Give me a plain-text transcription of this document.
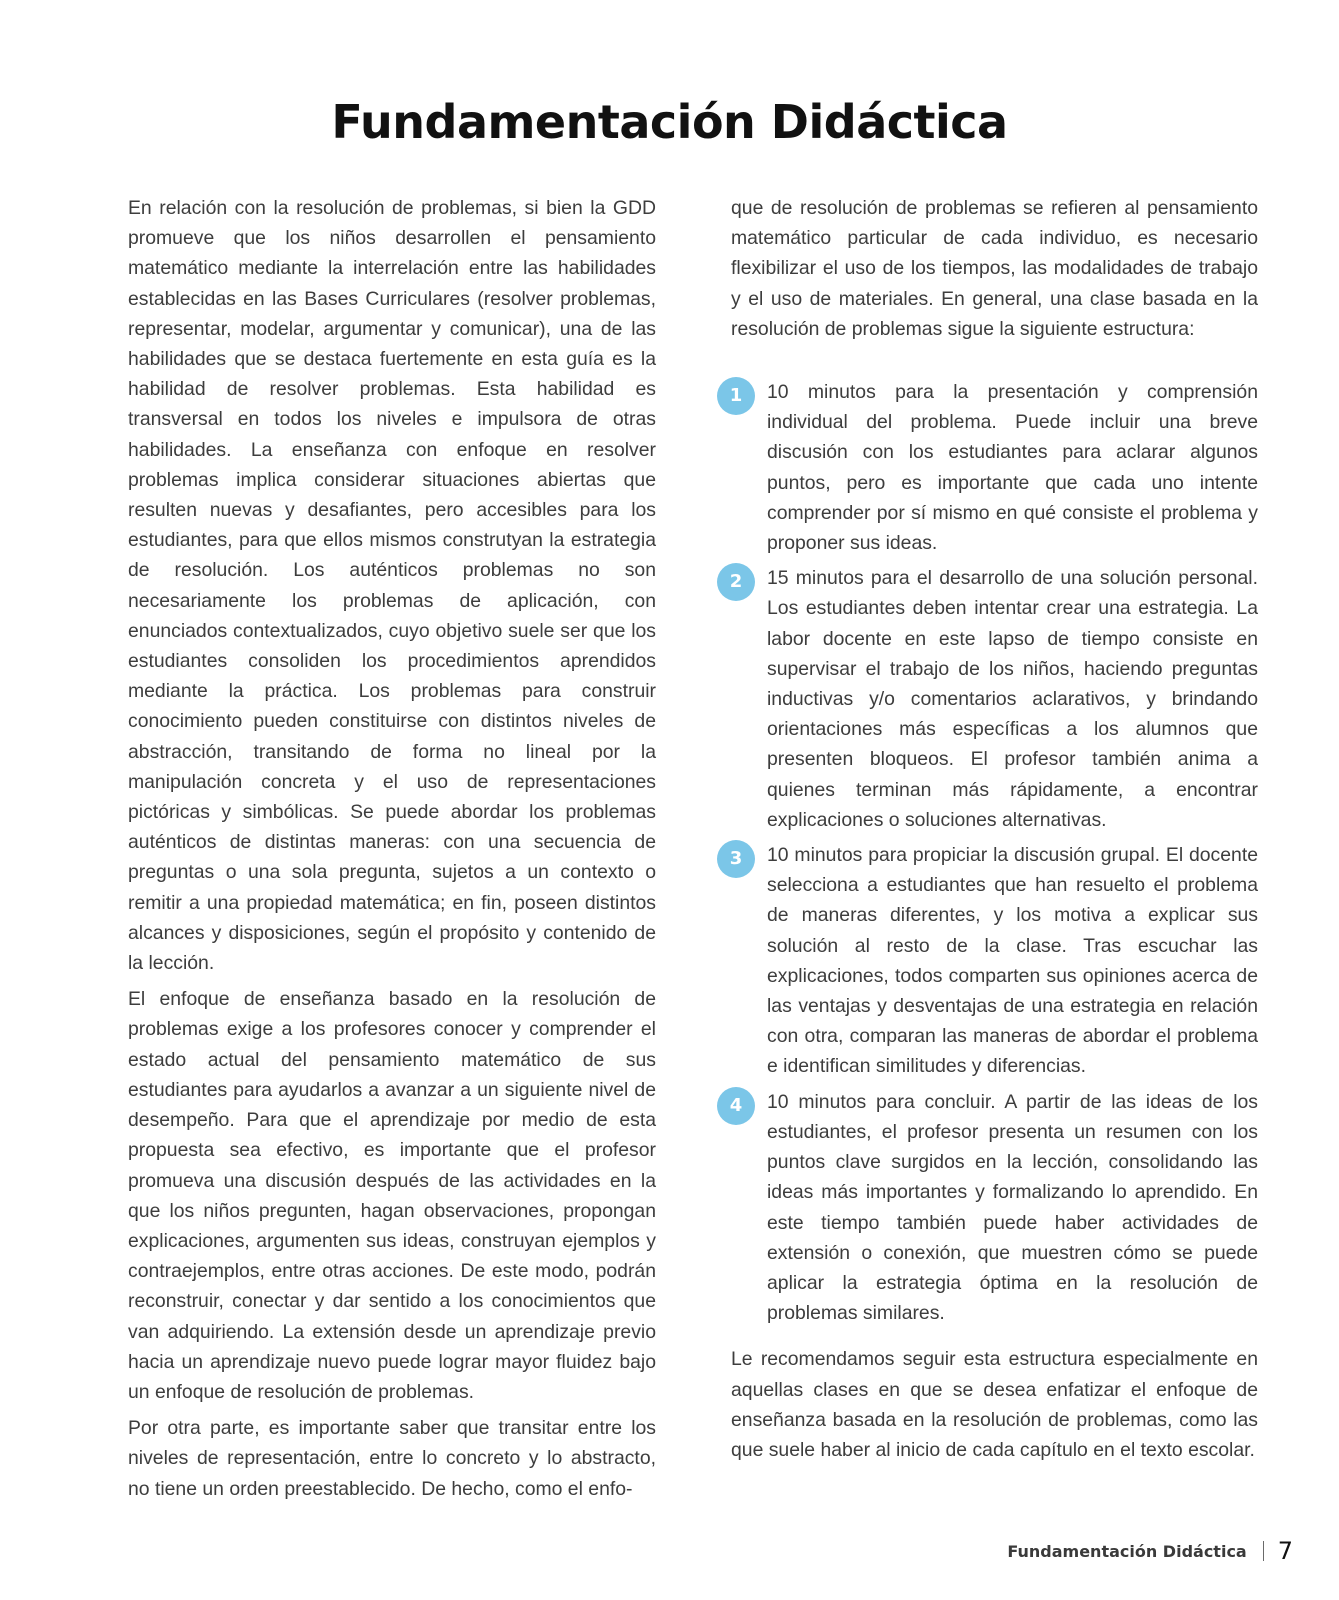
Fundamentación Didáctica

En relación con la resolución de problemas, si bien la GDD promueve que los niños desarrollen el pensamiento matemático mediante la interrelación entre las habilidades establecidas en las Bases Curriculares (resolver problemas, representar, modelar, argumentar y comunicar), una de las habilidades que se destaca fuertemente en esta guía es la habilidad de resolver problemas. Esta habilidad es transversal en todos los niveles e impulsora de otras habilidades. La enseñanza con enfoque en resolver problemas implica considerar situaciones abiertas que resulten nuevas y desafiantes, pero accesibles para los estudiantes, para que ellos mismos construtyan la estrategia de resolución. Los auténticos problemas no son necesariamente los problemas de aplicación, con enunciados contextualizados, cuyo objetivo suele ser que los estudiantes consoliden los procedimientos aprendidos mediante la práctica. Los problemas para construir conocimiento pueden constituirse con distintos niveles de abstracción, transitando de forma no lineal por la manipulación concreta y el uso de representaciones pictóricas y simbólicas. Se puede abordar los problemas auténticos de distintas maneras: con una secuencia de preguntas o una sola pregunta, sujetos a un contexto o remitir a una propiedad matemática; en fin, poseen distintos alcances y disposiciones, según el propósito y contenido de la lección.

El enfoque de enseñanza basado en la resolución de problemas exige a los profesores conocer y comprender el estado actual del pensamiento matemático de sus estudiantes para ayudarlos a avanzar a un siguiente nivel de desempeño. Para que el aprendizaje por medio de esta propuesta sea efectivo, es importante que el profesor promueva una discusión después de las actividades en la que los niños pregunten, hagan observaciones, propongan explicaciones, argumenten sus ideas, construyan ejemplos y contraejemplos, entre otras acciones. De este modo, podrán reconstruir, conectar y dar sentido a los conocimientos que van adquiriendo. La extensión desde un aprendizaje previo hacia un aprendizaje nuevo puede lograr mayor fluidez bajo un enfoque de resolución de problemas.

Por otra parte, es importante saber que transitar entre los niveles de representación, entre lo concreto y lo abstracto, no tiene un orden preestablecido. De hecho, como el enfo-

que de resolución de problemas se refieren al pensamiento matemático particular de cada individuo, es necesario flexibilizar el uso de los tiempos, las modalidades de trabajo y el uso de materiales. En general, una clase basada en la resolución de problemas sigue la siguiente estructura:

1	10 minutos para la presentación y comprensión individual del problema. Puede incluir una breve discusión con los estudiantes para aclarar algunos puntos, pero es importante que cada uno intente comprender por sí mismo en qué consiste el problema y proponer sus ideas.
2	15 minutos para el desarrollo de una solución personal. Los estudiantes deben intentar crear una estrategia. La labor docente en este lapso de tiempo consiste en supervisar el trabajo de los niños, haciendo preguntas inductivas y/o comentarios aclarativos, y brindando orientaciones más específicas a los alumnos que presenten bloqueos. El profesor también anima a quienes terminan más rápidamente, a encontrar explicaciones o soluciones alternativas.
3	10 minutos para propiciar la discusión grupal. El docente selecciona a estudiantes que han resuelto el problema de maneras diferentes, y los motiva a explicar sus solución al resto de la clase. Tras escuchar las explicaciones, todos comparten sus opiniones acerca de las ventajas y desventajas de una estrategia en relación con otra, comparan las maneras de abordar el problema e identifican similitudes y diferencias.
4	10 minutos para concluir. A partir de las ideas de los estudiantes, el profesor presenta un resumen con los puntos clave surgidos en la lección, consolidando las ideas más importantes y formalizando lo aprendido. En este tiempo también puede haber actividades de extensión o conexión, que muestren cómo se puede aplicar la estrategia óptima en la resolución de problemas similares.

Le recomendamos seguir esta estructura especialmente en aquellas clases en que se desea enfatizar el enfoque de enseñanza basada en la resolución de problemas, como las que suele haber al inicio de cada capítulo en el texto escolar.

Fundamentación Didáctica 7
